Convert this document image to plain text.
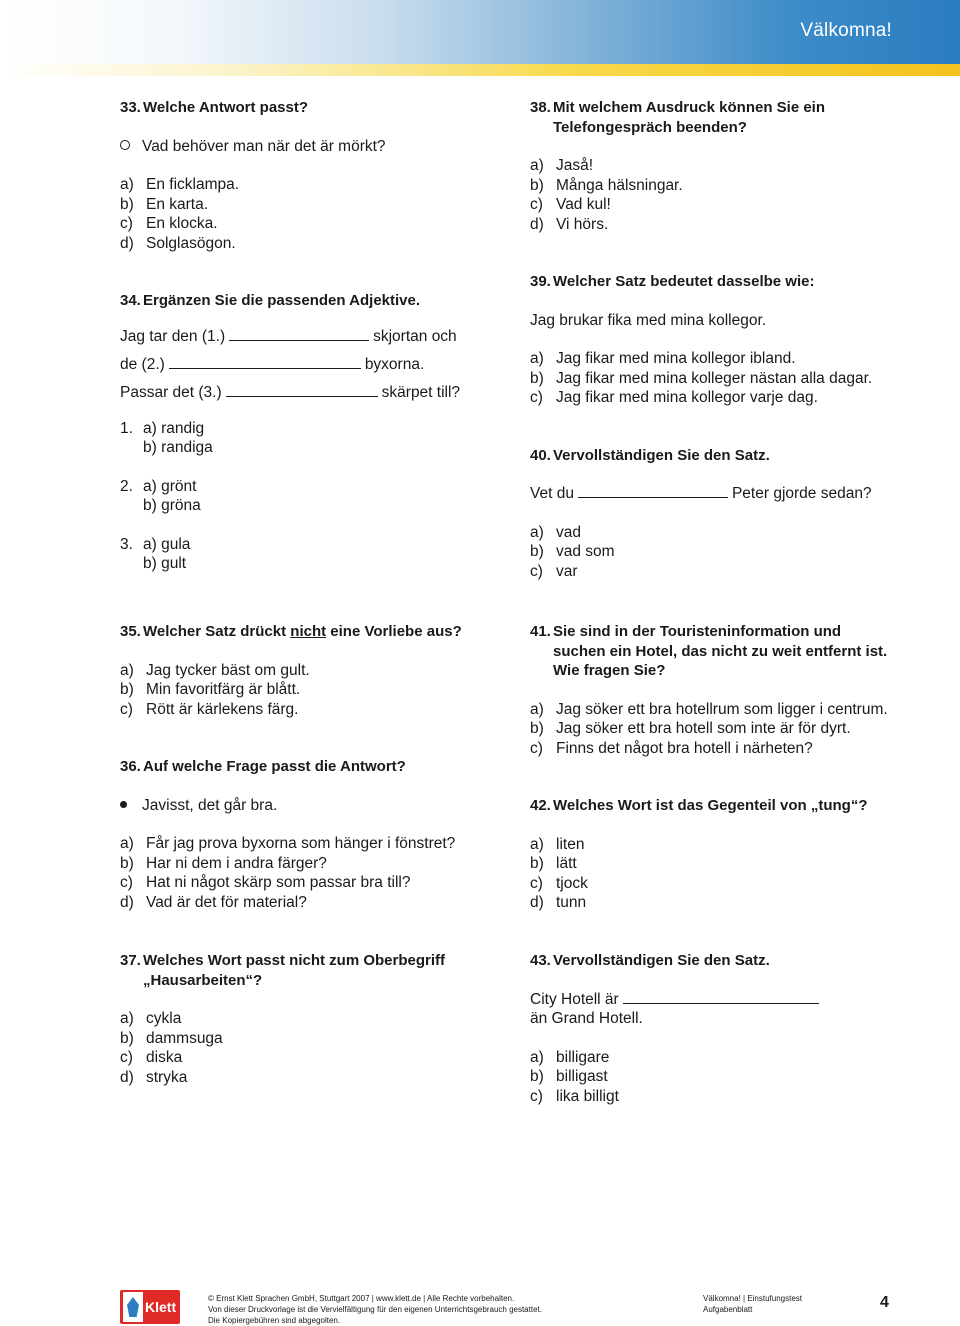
Välkomna!
33. Welche Antwort passt?
Vad behöver man när det är mörkt?
a) En ficklampa.
b) En karta.
c) En klocka.
d) Solglasögon.
34. Ergänzen Sie die passenden Adjektive.
Jag tar den (1.)	skjortan och
de (2.)	byxorna.
Passar det (3.)	skärpet till?
1. a) randig
b) randiga
2. a) grönt
b) gröna
3. a) gula
b) gult
35. Welcher Satz drückt nicht eine Vorliebe aus?
a) Jag tycker bäst om gult.
b) Min favoritfärg är blått.
c) Rött är kärlekens färg.
36. Auf welche Frage passt die Antwort?
Javisst, det går bra.
a) Får jag prova byxorna som hänger i fönstret?
b) Har ni dem i andra färger?
c) Hat ni något skärp som passar bra till?
d) Vad är det för material?
37. Welches Wort passt nicht zum Oberbegriff
„Hausarbeiten“?
a) cykla
b) dammsuga
c) diska
d) stryka
38. Mit welchem Ausdruck können Sie ein
Telefongespräch beenden?
a) Jaså!
b) Många hälsningar.
c) Vad kul!
d) Vi hörs.
39. Welcher Satz bedeutet dasselbe wie:
Jag brukar fika med mina kollegor.
a) Jag fikar med mina kollegor ibland.
b) Jag fikar med mina kolleger nästan alla dagar.
c) Jag fikar med mina kollegor varje dag.
40. Vervollständigen Sie den Satz.
Vet du	Peter gjorde sedan?
a) vad
b) vad som
c) var
41. Sie sind in der Touristeninformation und
suchen ein Hotel, das nicht zu weit entfernt ist.
Wie fragen Sie?
a) Jag söker ett bra hotellrum som ligger i centrum.
b) Jag söker ett bra hotell som inte är för dyrt.
c) Finns det något bra hotell i närheten?
42. Welches Wort ist das Gegenteil von „tung“?
a) liten
b) lätt
c) tjock
d) tunn
43. Vervollständigen Sie den Satz.
City Hotell är
än Grand Hotell.
a) billigare
b) billigast
c) lika billigt
Klett
© Ernst Klett Sprachen GmbH, Stuttgart 2007 | www.klett.de | Alle Rechte vorbehalten.
Von dieser Druckvorlage ist die Vervielfältigung für den eigenen Unterrichtsgebrauch gestattet.
Die Kopiergebühren sind abgegolten.
Välkomna! | Einstufungstest
Aufgabenblatt	4
